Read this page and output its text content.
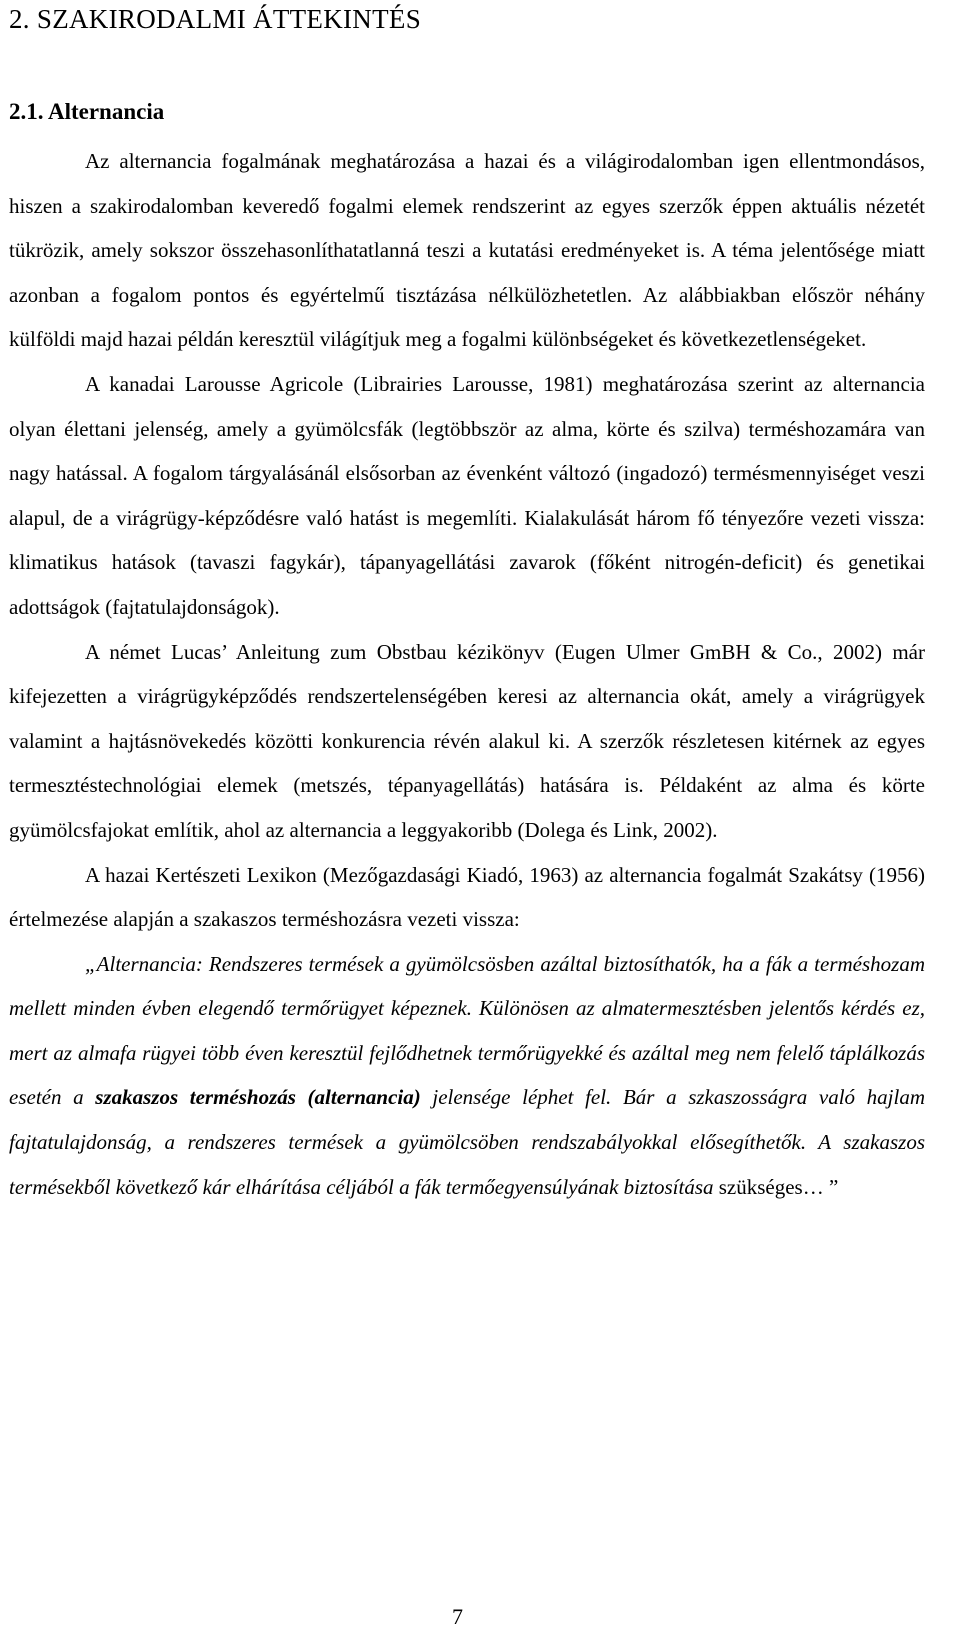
2. SZAKIRODALMI ÁTTEKINTÉS
2.1. Alternancia

Az alternancia fogalmának meghatározása a hazai és a világirodalomban igen ellentmondásos, hiszen a szakirodalomban keveredő fogalmi elemek rendszerint az egyes szerzők éppen aktuális nézetét tükrözik, amely sokszor összehasonlíthatatlanná teszi a kutatási eredményeket is. A téma jelentősége miatt azonban a fogalom pontos és egyértelmű tisztázása nélkülözhetetlen. Az alábbiakban először néhány külföldi majd hazai példán keresztül világítjuk meg a fogalmi különbségeket és következetlenségeket.

A kanadai Larousse Agricole (Librairies Larousse, 1981) meghatározása szerint az alternancia olyan élettani jelenség, amely a gyümölcsfák (legtöbbször az alma, körte és szilva) terméshozamára van nagy hatással. A fogalom tárgyalásánál elsősorban az évenként változó (ingadozó) termésmennyiséget veszi alapul, de a virágrügy-képződésre való hatást is megemlíti. Kialakulását három fő tényezőre vezeti vissza: klimatikus hatások (tavaszi fagykár), tápanyagellátási zavarok (főként nitrogén-deficit) és genetikai adottságok (fajtatulajdonságok).

A német Lucas’ Anleitung zum Obstbau kézikönyv (Eugen Ulmer GmBH & Co., 2002) már kifejezetten a virágrügyképződés rendszertelenségében keresi az alternancia okát, amely a virágrügyek valamint a hajtásnövekedés közötti konkurencia révén alakul ki. A szerzők részletesen kitérnek az egyes termesztéstechnológiai elemek (metszés, tépanyagellátás) hatására is. Példaként az alma és körte gyümölcsfajokat említik, ahol az alternancia a leggyakoribb (Dolega és Link, 2002).

A hazai Kertészeti Lexikon (Mezőgazdasági Kiadó, 1963) az alternancia fogalmát Szakátsy (1956) értelmezése alapján a szakaszos terméshozásra vezeti vissza:

„Alternancia: Rendszeres termések a gyümölcsösben azáltal biztosíthatók, ha a fák a terméshozam mellett minden évben elegendő termőrügyet képeznek. Különösen az almatermesztésben jelentős kérdés ez, mert az almafa rügyei több éven keresztül fejlődhetnek termőrügyekké és azáltal meg nem felelő táplálkozás esetén a szakaszos terméshozás (alternancia) jelensége léphet fel. Bár a szkaszosságra való hajlam fajtatulajdonság, a rendszeres termések a gyümölcsöben rendszabályokkal elősegíthetők. A szakaszos termésekből következő kár elhárítása céljából a fák termőegyensúlyának biztosítása szükséges… ”

7
